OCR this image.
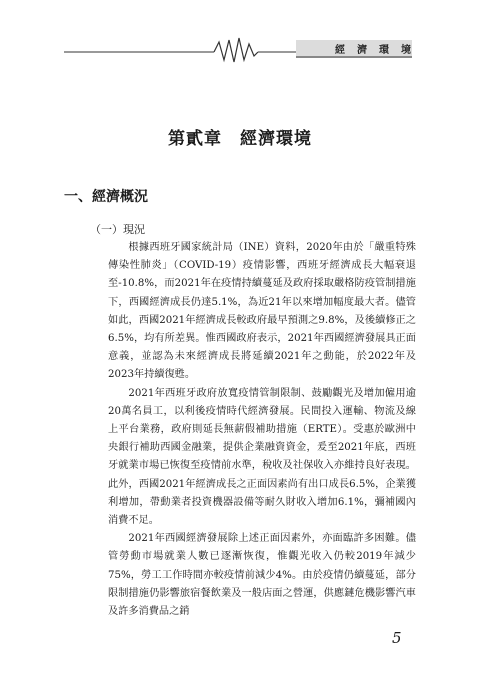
經濟環境
第貳章　經濟環境
一、經濟概況
（一）現況

根據西班牙國家統計局（INE）資料，2020年由於「嚴重特殊傳染性肺炎」（COVID-19）疫情影響，西班牙經濟成長大幅衰退至-10.8%，而2021年在疫情持續蔓延及政府採取嚴格防疫管制措施下，西國經濟成長仍達5.1%，為近21年以來增加幅度最大者。儘管如此，西國2021年經濟成長較政府最早預測之9.8%，及後續修正之6.5%，均有所差異。惟西國政府表示，2021年西國經濟發展具正面意義，並認為未來經濟成長將延續2021年之動能，於2022年及2023年持續復甦。

2021年西班牙政府放寬疫情管制限制、鼓勵觀光及增加僱用逾20萬名員工，以利後疫情時代經濟發展。民間投入運輸、物流及線上平台業務，政府則延長無薪假補助措施（ERTE）。受惠於歐洲中央銀行補助西國金融業，提供企業融資資金，爰至2021年底，西班牙就業市場已恢復至疫情前水準，稅收及社保收入亦維持良好表現。此外，西國2021年經濟成長之正面因素尚有出口成長6.5%，企業獲利增加，帶動業者投資機器設備等耐久財收入增加6.1%，彌補國內消費不足。

2021年西國經濟發展除上述正面因素外，亦面臨許多困難。儘管勞動市場就業人數已逐漸恢復，惟觀光收入仍較2019年減少75%，勞工工作時間亦較疫情前減少4%。由於疫情仍續蔓延，部分限制措施仍影響旅宿餐飲業及一般店面之營運，供應鏈危機影響汽車及許多消費品之銷

5
